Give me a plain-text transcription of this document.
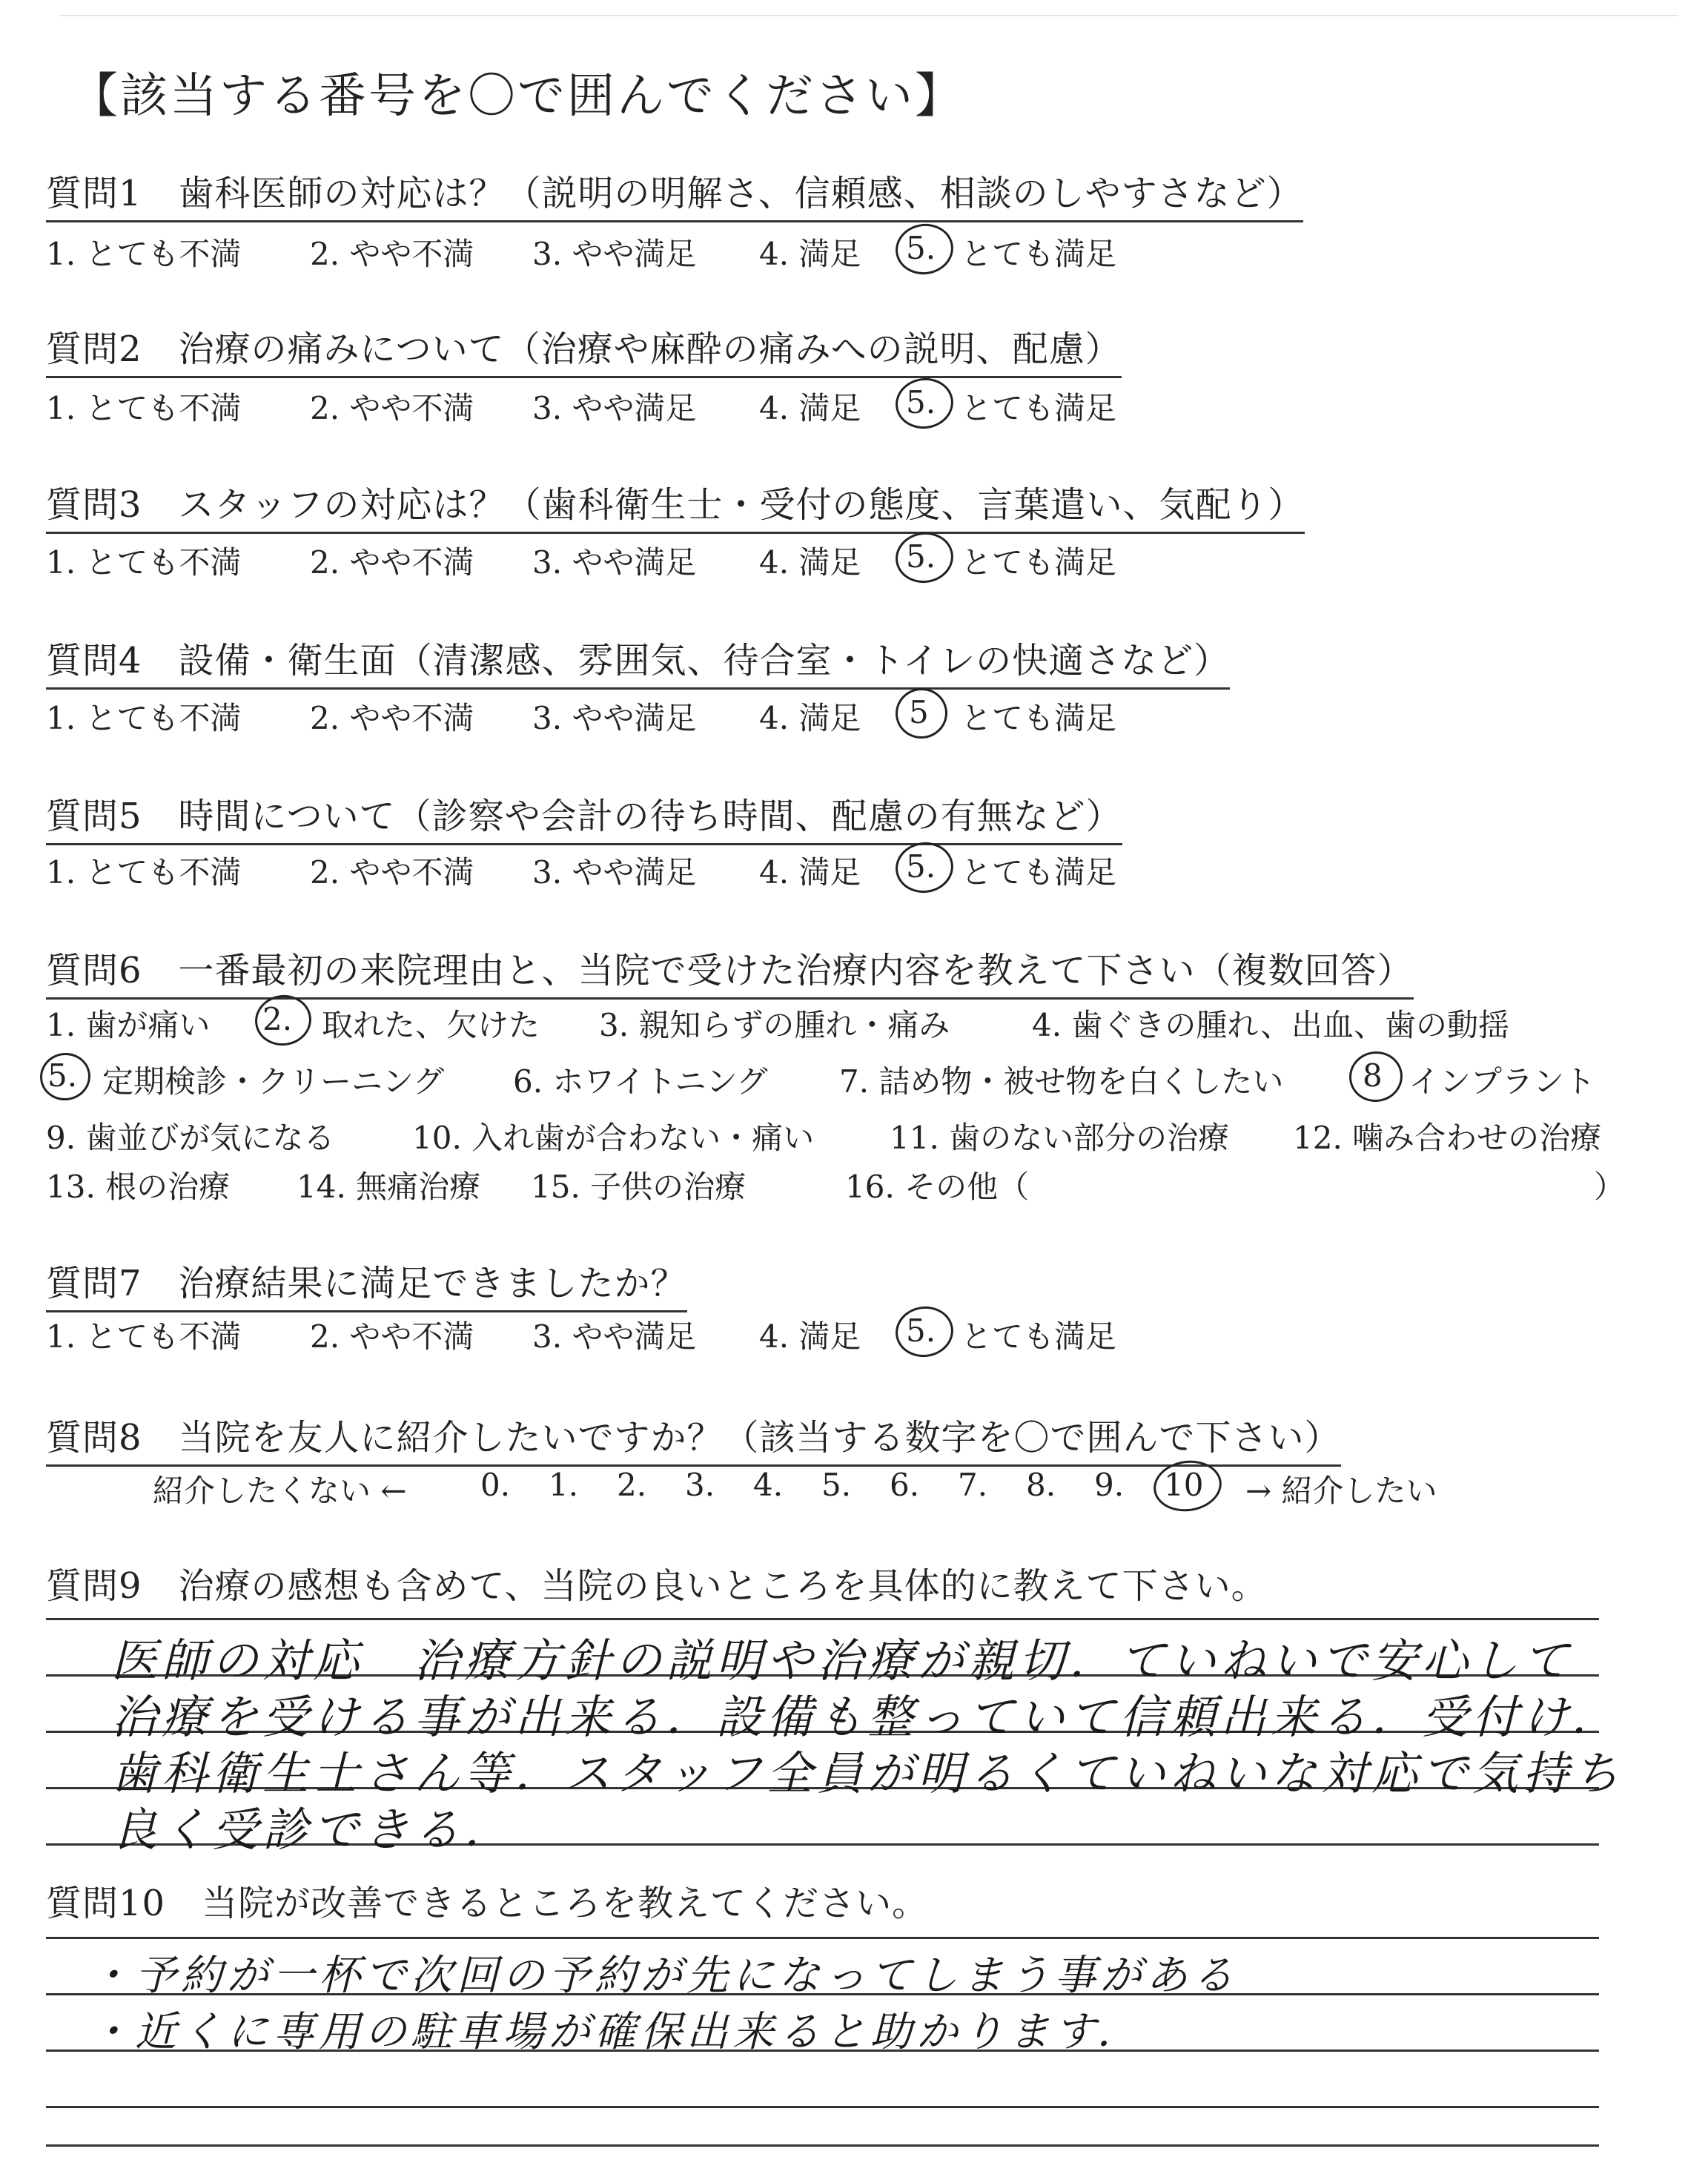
【該当する番号を〇で囲んでください】
質問1　歯科医師の対応は？（説明の明解さ、信頼感、相談のしやすさなど）
1. とても不満 2. やや不満 3. やや満足 4. 満足 5. とても満足
質問2　治療の痛みについて（治療や麻酔の痛みへの説明、配慮）
1. とても不満 2. やや不満 3. やや満足 4. 満足 5. とても満足
質問3　スタッフの対応は？（歯科衛生士・受付の態度、言葉遣い、気配り）
1. とても不満 2. やや不満 3. やや満足 4. 満足 5. とても満足
質問4　設備・衛生面（清潔感、雰囲気、待合室・トイレの快適さなど）
1. とても不満 2. やや不満 3. やや満足 4. 満足 5 とても満足
質問5　時間について（診察や会計の待ち時間、配慮の有無など）
1. とても不満 2. やや不満 3. やや満足 4. 満足 5. とても満足
質問6　一番最初の来院理由と、当院で受けた治療内容を教えて下さい（複数回答）
1. 歯が痛い 2. 取れた、欠けた 3. 親知らずの腫れ・痛み	4. 歯ぐきの腫れ、出血、歯の動揺
5. 定期検診・クリーニング 6. ホワイトニング 7. 詰め物・被せ物を白くしたい	8 インプラント
9. 歯並びが気になる 10. 入れ歯が合わない・痛い 11. 歯のない部分の治療 12. 噛み合わせの治療
13. 根の治療 14. 無痛治療 15. 子供の治療	16. その他（	）
質問7　治療結果に満足できましたか？
1. とても不満 2. やや不満 3. やや満足 4. 満足 5. とても満足
質問8　当院を友人に紹介したいですか？（該当する数字を〇で囲んで下さい）
紹介したくない ← 0. 1. 2. 3. 4. 5. 6. 7. 8. 9. 10 → 紹介したい
質問9　治療の感想も含めて、当院の良いところを具体的に教えて下さい。
医師の対応　治療方針の説明や治療が親切．ていねいで安心して
治療を受ける事が出来る．設備も整っていて信頼出来る．受付け．
歯科衛生士さん等．スタッフ全員が明るくていねいな対応で気持ち
良く受診できる．
質問10　当院が改善できるところを教えてください。
・予約が一杯で次回の予約が先になってしまう事がある
・近くに専用の駐車場が確保出来ると助かります．
